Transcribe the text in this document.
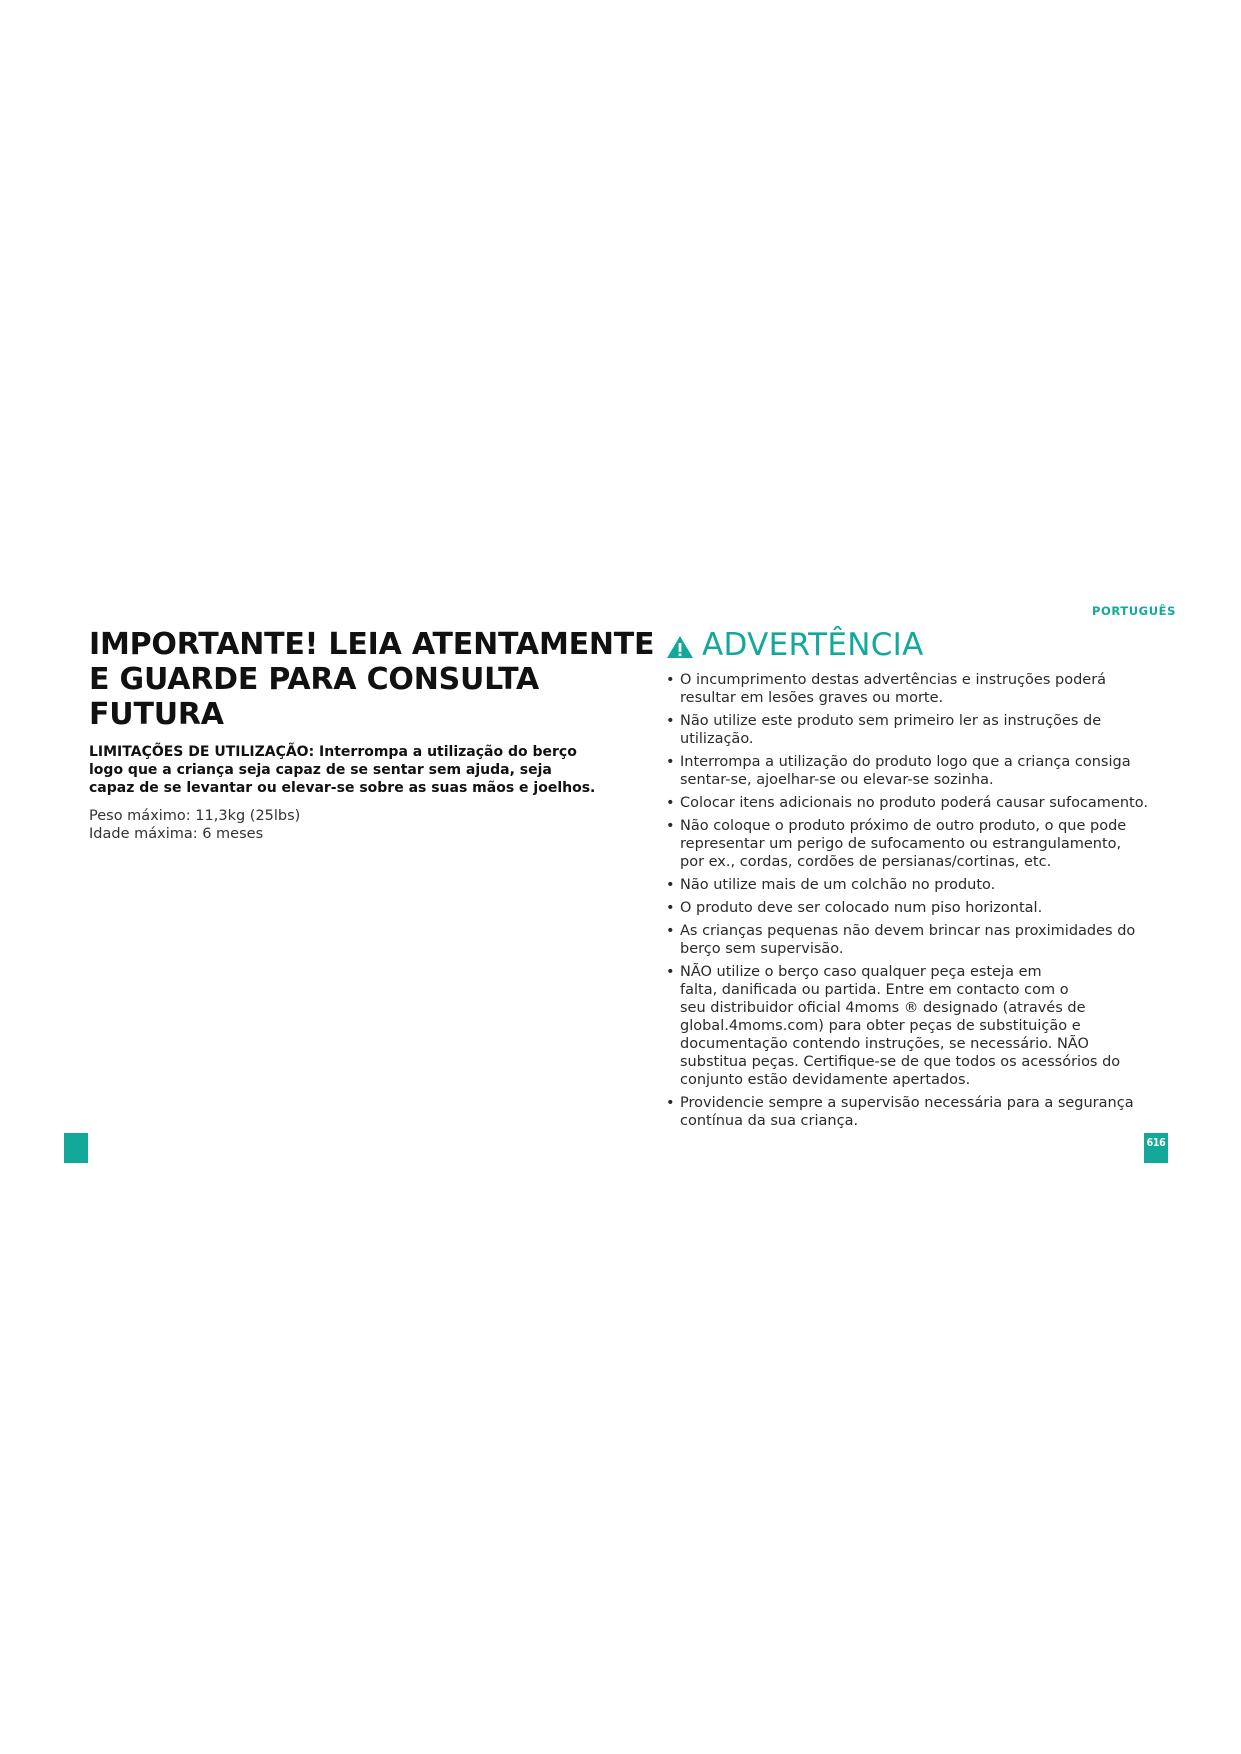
PORTUGUÊS
IMPORTANTE! LEIA ATENTAMENTE
E GUARDE PARA CONSULTA
FUTURA
LIMITAÇÕES DE UTILIZAÇÃO: Interrompa a utilização do berço
logo que a criança seja capaz de se sentar sem ajuda, seja
capaz de se levantar ou elevar-se sobre as suas mãos e joelhos.
Peso máximo: 11,3kg (25lbs)
Idade máxima: 6 meses
ADVERTÊNCIA
• O incumprimento destas advertências e instruções poderá
resultar em lesões graves ou morte.
• Não utilize este produto sem primeiro ler as instruções de
utilização.
• Interrompa a utilização do produto logo que a criança consiga
sentar-se, ajoelhar-se ou elevar-se sozinha.
• Colocar itens adicionais no produto poderá causar sufocamento.
• Não coloque o produto próximo de outro produto, o que pode
representar um perigo de sufocamento ou estrangulamento,
por ex., cordas, cordões de persianas/cortinas, etc.
• Não utilize mais de um colchão no produto.
• O produto deve ser colocado num piso horizontal.
• As crianças pequenas não devem brincar nas proximidades do
berço sem supervisão.
• NÃO utilize o berço caso qualquer peça esteja em
falta, danificada ou partida. Entre em contacto com o
seu distribuidor oficial 4moms ® designado (através de
global.4moms.com) para obter peças de substituição e
documentação contendo instruções, se necessário. NÃO
substitua peças. Certifique-se de que todos os acessórios do
conjunto estão devidamente apertados.
• Providencie sempre a supervisão necessária para a segurança
contínua da sua criança.
616
